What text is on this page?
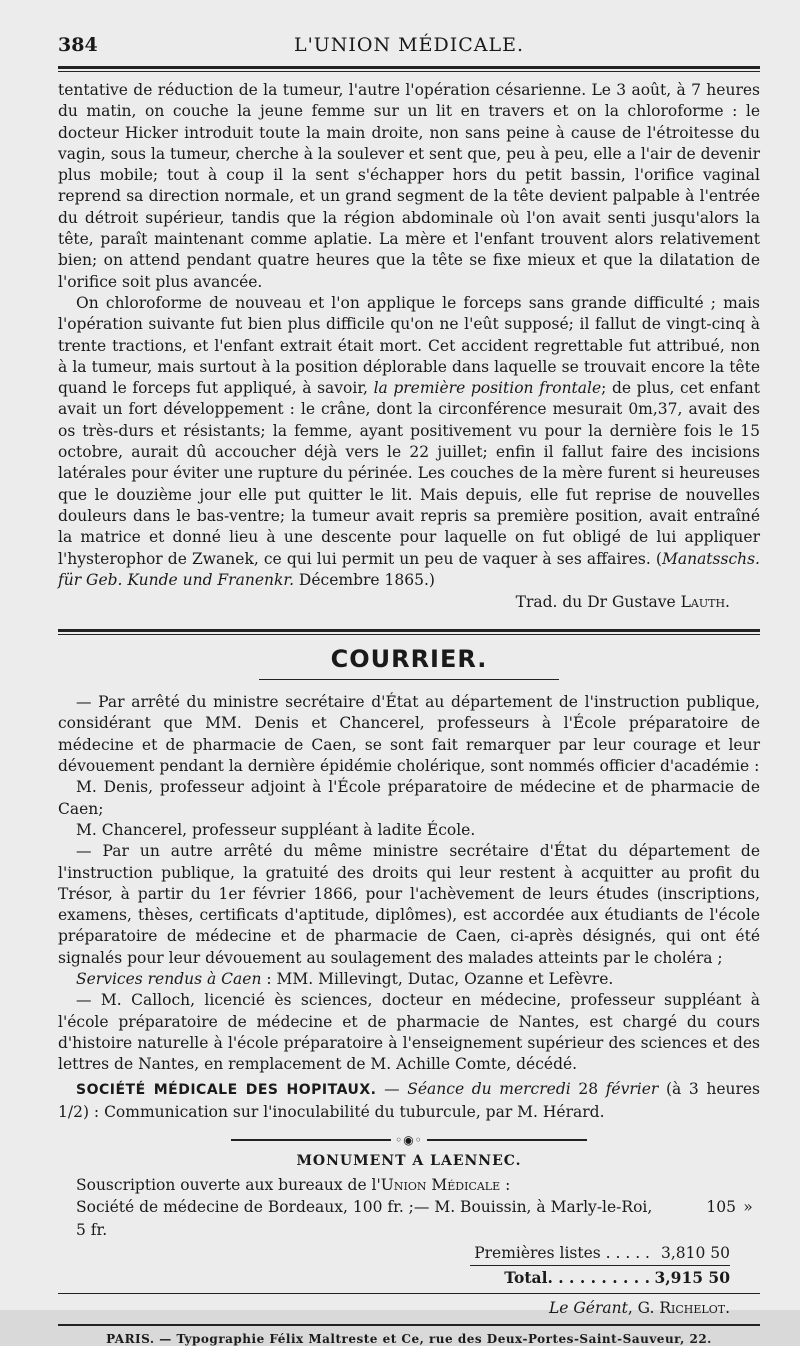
384	L'UNION MÉDICALE.

tentative de réduction de la tumeur, l'autre l'opération césarienne. Le 3 août, à 7 heures du matin, on couche la jeune femme sur un lit en travers et on la chloroforme : le docteur Hicker introduit toute la main droite, non sans peine à cause de l'étroitesse du vagin, sous la tumeur, cherche à la soulever et sent que, peu à peu, elle a l'air de devenir plus mobile; tout à coup il la sent s'échapper hors du petit bassin, l'orifice vaginal reprend sa direction normale, et un grand segment de la tête devient palpable à l'entrée du détroit supérieur, tandis que la région abdominale où l'on avait senti jusqu'alors la tête, paraît maintenant comme aplatie. La mère et l'enfant trouvent alors relativement bien; on attend pendant quatre heures que la tête se fixe mieux et que la dilatation de l'orifice soit plus avancée.

On chloroforme de nouveau et l'on applique le forceps sans grande difficulté ; mais l'opération suivante fut bien plus difficile qu'on ne l'eût supposé; il fallut de vingt-cinq à trente tractions, et l'enfant extrait était mort. Cet accident regrettable fut attribué, non à la tumeur, mais surtout à la position déplorable dans laquelle se trouvait encore la tête quand le forceps fut appliqué, à savoir, la première position frontale; de plus, cet enfant avait un fort développement : le crâne, dont la circonférence mesurait 0m,37, avait des os très-durs et résistants; la femme, ayant positivement vu pour la dernière fois le 15 octobre, aurait dû accoucher déjà vers le 22 juillet; enfin il fallut faire des incisions latérales pour éviter une rupture du périnée. Les couches de la mère furent si heureuses que le douzième jour elle put quitter le lit. Mais depuis, elle fut reprise de nouvelles douleurs dans le bas-ventre; la tumeur avait repris sa première position, avait entraîné la matrice et donné lieu à une descente pour laquelle on fut obligé de lui appliquer l'hysterophor de Zwanek, ce qui lui permit un peu de vaquer à ses affaires. (Manatsschs. für Geb. Kunde und Franenkr. Décembre 1865.)

Trad. du Dr Gustave Lauth.
COURRIER.

— Par arrêté du ministre secrétaire d'État au département de l'instruction publique, considérant que MM. Denis et Chancerel, professeurs à l'École préparatoire de médecine et de pharmacie de Caen, se sont fait remarquer par leur courage et leur dévouement pendant la dernière épidémie cholérique, sont nommés officier d'académie :

M. Denis, professeur adjoint à l'École préparatoire de médecine et de pharmacie de Caen;

M. Chancerel, professeur suppléant à ladite École.

— Par un autre arrêté du même ministre secrétaire d'État du département de l'instruction publique, la gratuité des droits qui leur restent à acquitter au profit du Trésor, à partir du 1er février 1866, pour l'achèvement de leurs études (inscriptions, examens, thèses, certificats d'aptitude, diplômes), est accordée aux étudiants de l'école préparatoire de médecine et de pharmacie de Caen, ci-après désignés, qui ont été signalés pour leur dévouement au soulagement des malades atteints par le choléra ;

Services rendus à Caen : MM. Millevingt, Dutac, Ozanne et Lefèvre.

— M. Calloch, licencié ès sciences, docteur en médecine, professeur suppléant à l'école préparatoire de médecine et de pharmacie de Nantes, est chargé du cours d'histoire naturelle à l'école préparatoire à l'enseignement supérieur des sciences et des lettres de Nantes, en remplacement de M. Achille Comte, décédé.

SOCIÉTÉ MÉDICALE DES HOPITAUX. — Séance du mercredi 28 février (à 3 heures 1/2) : Communication sur l'inoculabilité du tuburcule, par M. Hérard.

◦◉◦
MONUMENT A LAENNEC.

Souscription ouverte aux bureaux de l'Union Médicale :

Société de médecine de Bordeaux, 100 fr. ;— M. Bouissin, à Marly-le-Roi, 5 fr.
105 »
Premières listes . . . . . 3,810 50
Total. . . . . . . . . . 3,915 50
Le Gérant, G. Richelot.
PARIS. — Typographie Félix Maltreste et Ce, rue des Deux-Portes-Saint-Sauveur, 22.
